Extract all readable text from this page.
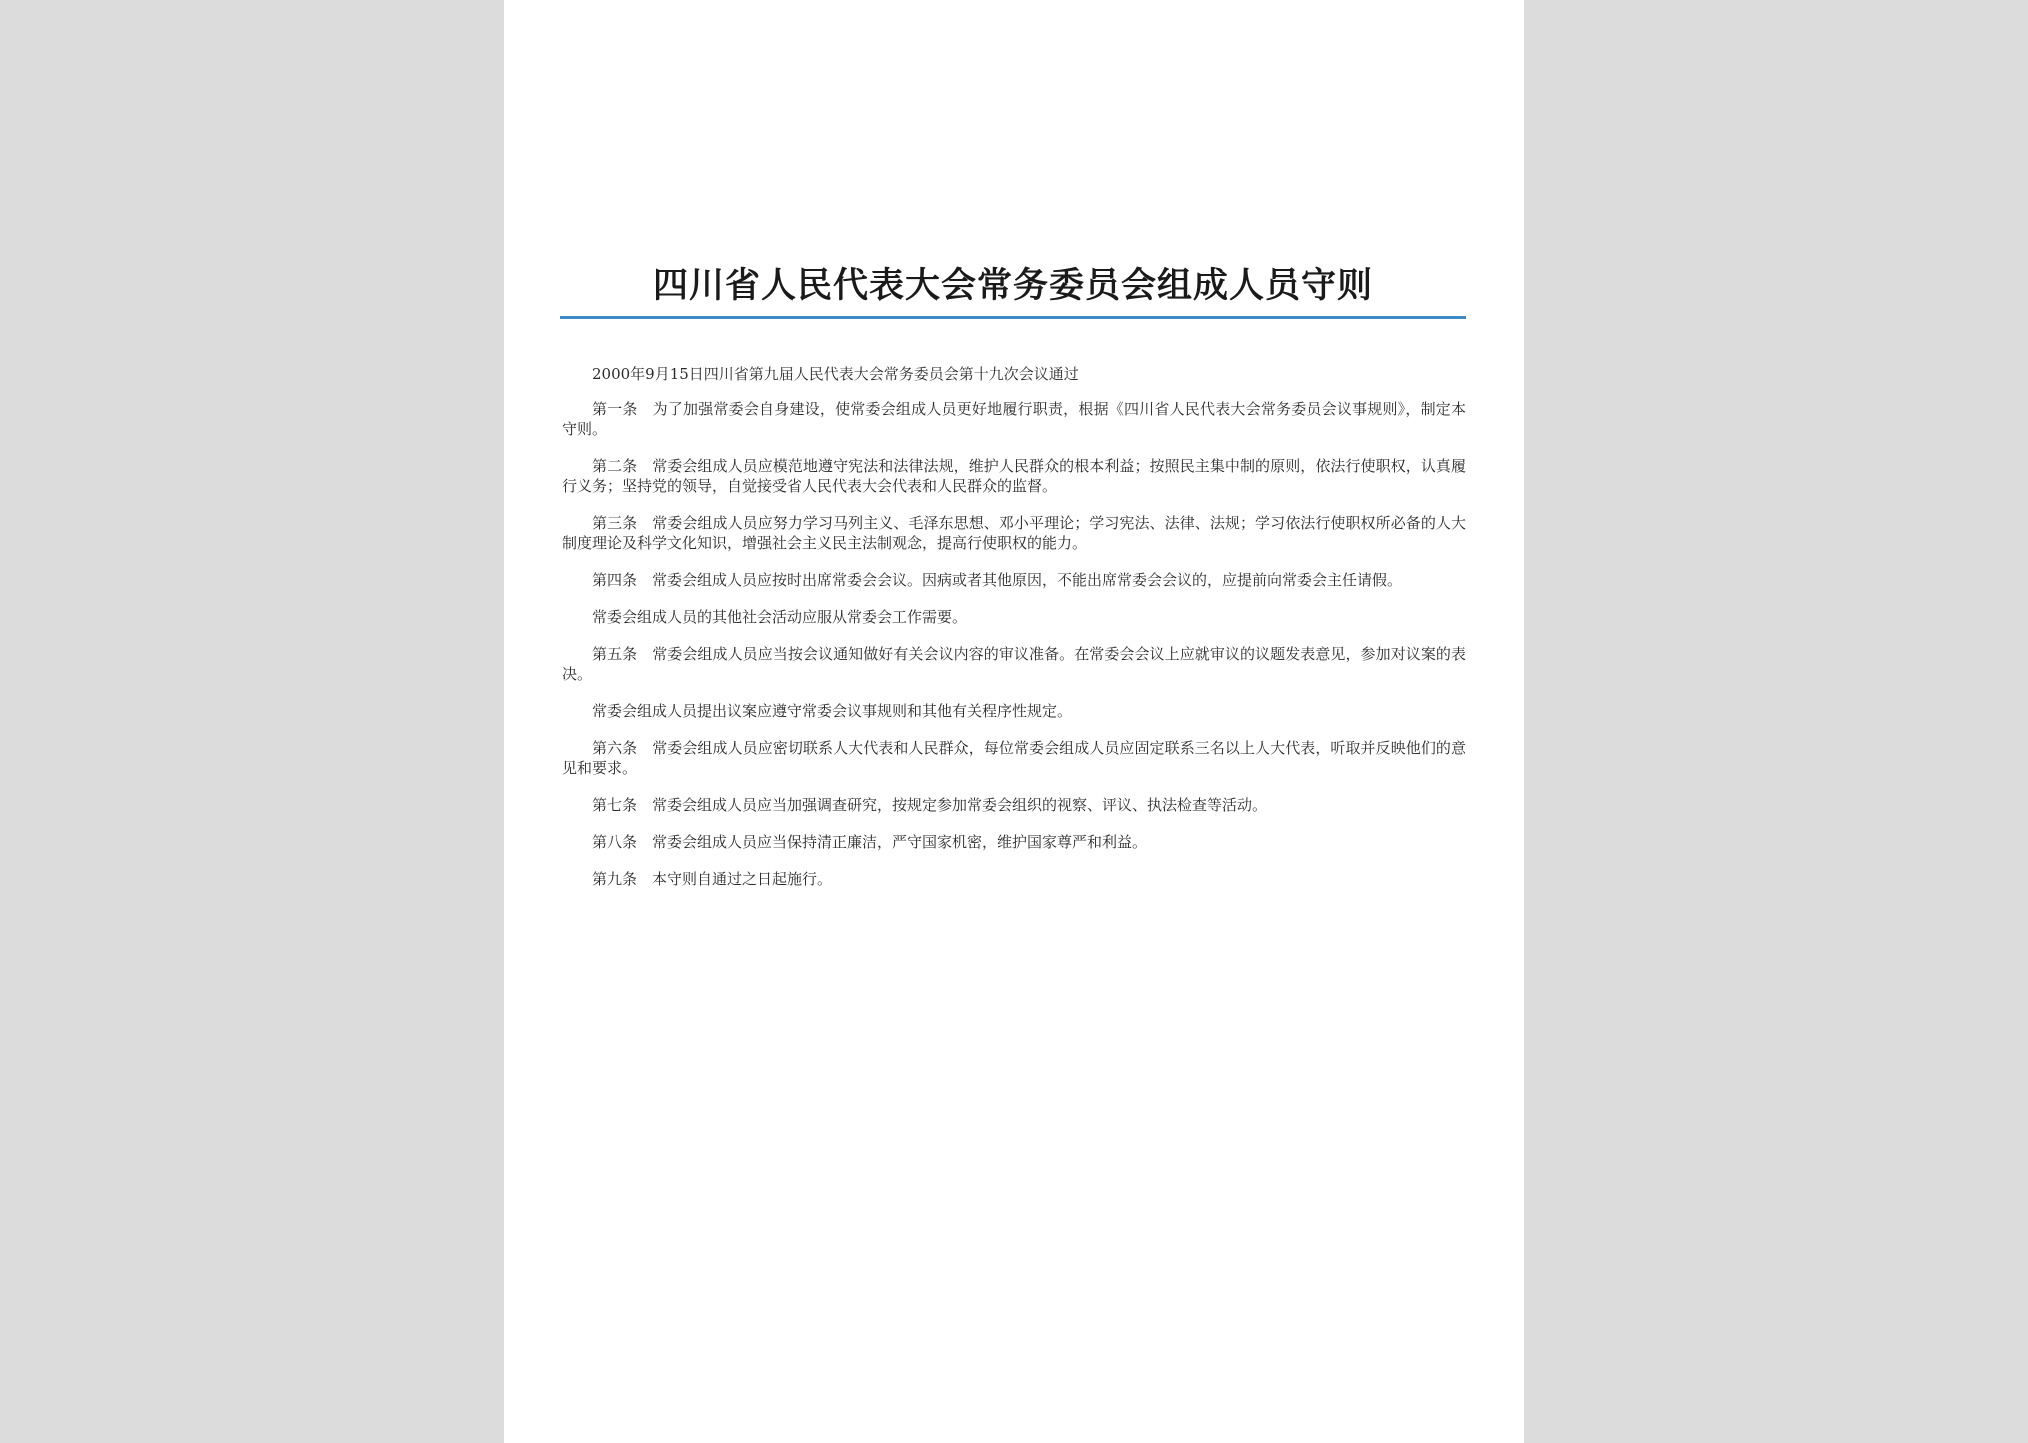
四川省人民代表大会常务委员会组成人员守则

2000年9月15日四川省第九届人民代表大会常务委员会第十九次会议通过

第一条 为了加强常委会自身建设，使常委会组成人员更好地履行职责，根据《四川省人民代表大会常务委员会议事规则》，制定本守则。

第二条 常委会组成人员应模范地遵守宪法和法律法规，维护人民群众的根本利益；按照民主集中制的原则，依法行使职权，认真履行义务；坚持党的领导，自觉接受省人民代表大会代表和人民群众的监督。

第三条 常委会组成人员应努力学习马列主义、毛泽东思想、邓小平理论；学习宪法、法律、法规；学习依法行使职权所必备的人大制度理论及科学文化知识，增强社会主义民主法制观念，提高行使职权的能力。

第四条 常委会组成人员应按时出席常委会会议。因病或者其他原因，不能出席常委会会议的，应提前向常委会主任请假。

常委会组成人员的其他社会活动应服从常委会工作需要。

第五条 常委会组成人员应当按会议通知做好有关会议内容的审议准备。在常委会会议上应就审议的议题发表意见，参加对议案的表决。

常委会组成人员提出议案应遵守常委会议事规则和其他有关程序性规定。

第六条 常委会组成人员应密切联系人大代表和人民群众，每位常委会组成人员应固定联系三名以上人大代表，听取并反映他们的意见和要求。

第七条 常委会组成人员应当加强调查研究，按规定参加常委会组织的视察、评议、执法检查等活动。

第八条 常委会组成人员应当保持清正廉洁，严守国家机密，维护国家尊严和利益。

第九条 本守则自通过之日起施行。
